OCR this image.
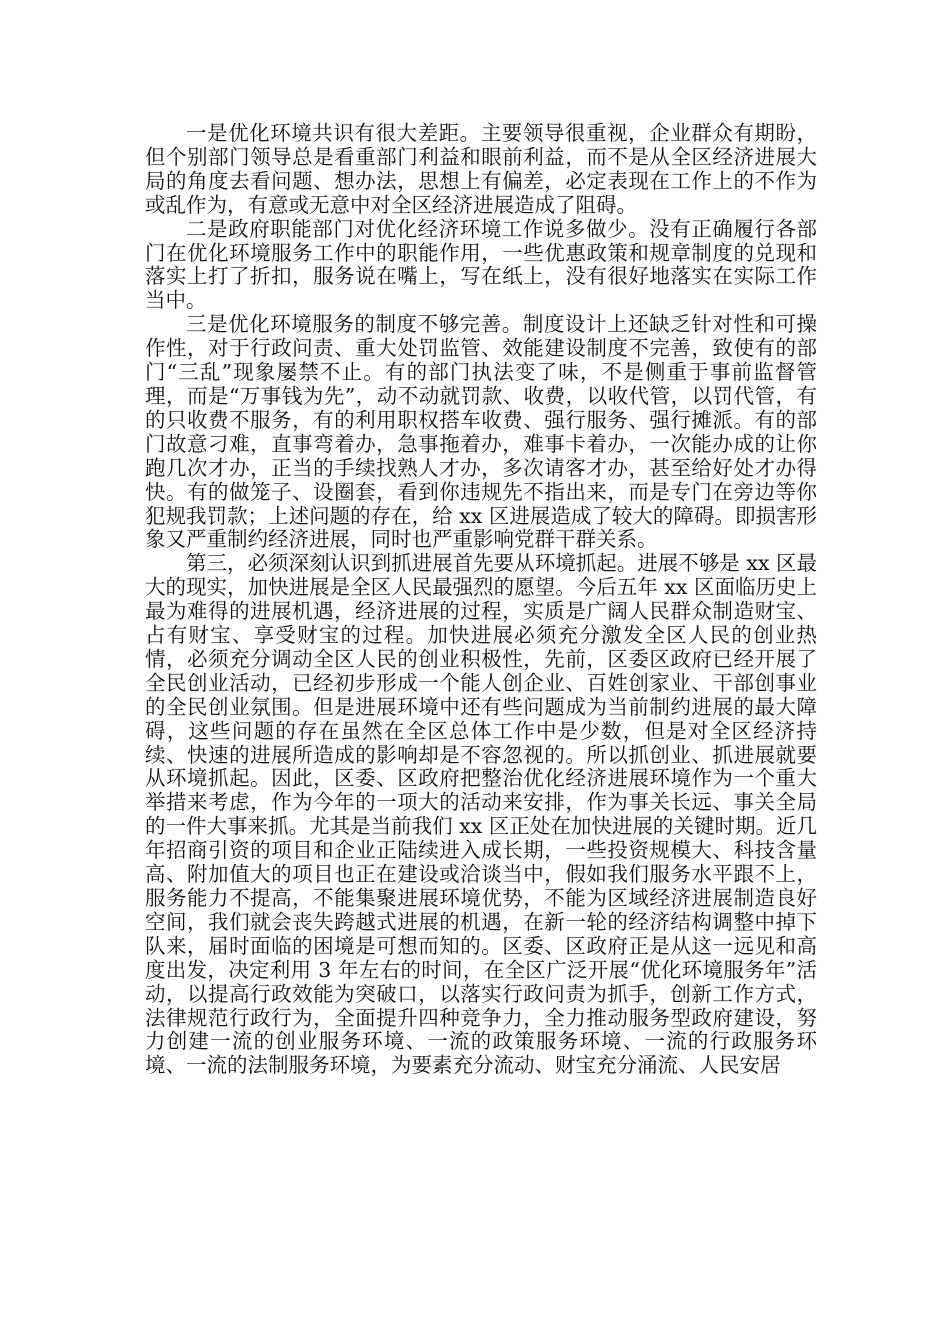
一是优化环境共识有很大差距。主要领导很重视，企业群众有期盼，但个别部门领导总是看重部门利益和眼前利益，而不是从全区经济进展大局的角度去看问题、想办法，思想上有偏差，必定表现在工作上的不作为或乱作为，有意或无意中对全区经济进展造成了阻碍。

二是政府职能部门对优化经济环境工作说多做少。没有正确履行各部门在优化环境服务工作中的职能作用，一些优惠政策和规章制度的兑现和落实上打了折扣，服务说在嘴上，写在纸上，没有很好地落实在实际工作当中。

三是优化环境服务的制度不够完善。制度设计上还缺乏针对性和可操作性，对于行政问责、重大处罚监管、效能建设制度不完善，致使有的部门“三乱”现象屡禁不止。有的部门执法变了味，不是侧重于事前监督管理，而是“万事钱为先”，动不动就罚款、收费，以收代管，以罚代管，有的只收费不服务，有的利用职权搭车收费、强行服务、强行摊派。有的部门故意刁难，直事弯着办，急事拖着办，难事卡着办，一次能办成的让你跑几次才办，正当的手续找熟人才办，多次请客才办，甚至给好处才办得快。有的做笼子、设圈套，看到你违规先不指出来，而是专门在旁边等你犯规我罚款；上述问题的存在，给 xx 区进展造成了较大的障碍。即损害形象又严重制约经济进展，同时也严重影响党群干群关系。

第三，必须深刻认识到抓进展首先要从环境抓起。进展不够是 xx 区最大的现实，加快进展是全区人民最强烈的愿望。今后五年 xx 区面临历史上最为难得的进展机遇，经济进展的过程，实质是广阔人民群众制造财宝、占有财宝、享受财宝的过程。加快进展必须充分激发全区人民的创业热情，必须充分调动全区人民的创业积极性，先前，区委区政府已经开展了全民创业活动，已经初步形成一个能人创企业、百姓创家业、干部创事业的全民创业氛围。但是进展环境中还有些问题成为当前制约进展的最大障碍，这些问题的存在虽然在全区总体工作中是少数，但是对全区经济持续、快速的进展所造成的影响却是不容忽视的。所以抓创业、抓进展就要从环境抓起。因此，区委、区政府把整治优化经济进展环境作为一个重大举措来考虑，作为今年的一项大的活动来安排，作为事关长远、事关全局的一件大事来抓。尤其是当前我们 xx 区正处在加快进展的关键时期。近几年招商引资的项目和企业正陆续进入成长期，一些投资规模大、科技含量高、附加值大的项目也正在建设或洽谈当中，假如我们服务水平跟不上，服务能力不提高，不能集聚进展环境优势，不能为区域经济进展制造良好空间，我们就会丧失跨越式进展的机遇，在新一轮的经济结构调整中掉下队来，届时面临的困境是可想而知的。区委、区政府正是从这一远见和高度出发，决定利用 3 年左右的时间，在全区广泛开展“优化环境服务年”活动，以提高行政效能为突破口，以落实行政问责为抓手，创新工作方式，法律规范行政行为，全面提升四种竞争力，全力推动服务型政府建设，努力创建一流的创业服务环境、一流的政策服务环境、一流的行政服务环境、一流的法制服务环境，为要素充分流动、财宝充分涌流、人民安居
